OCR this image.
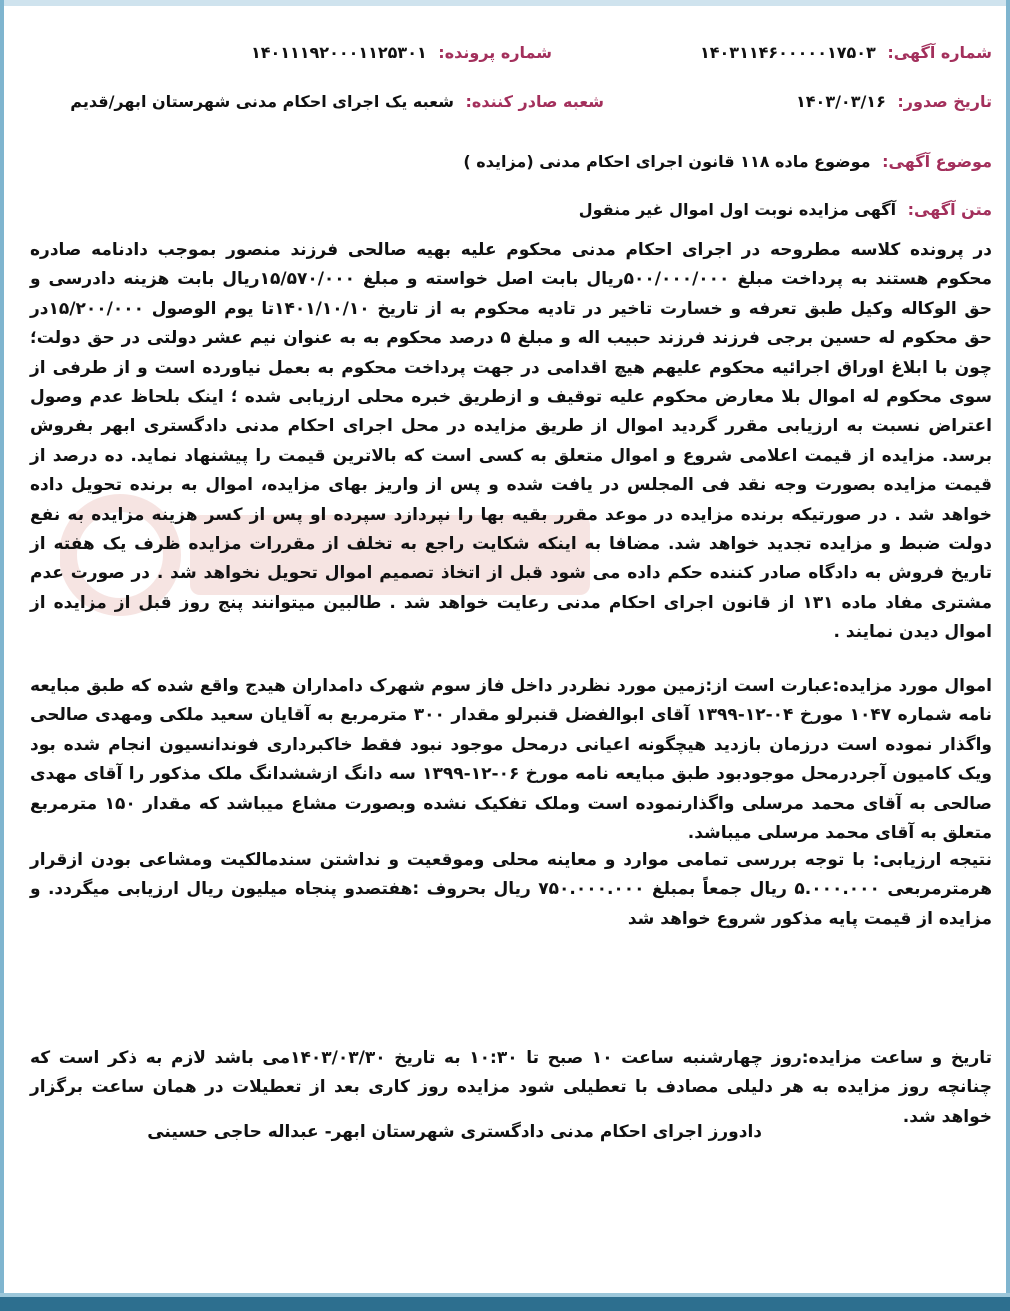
شماره آگهی: ۱۴۰۳۱۱۴۶۰۰۰۰۰۱۷۵۰۳
شماره پرونده: ۱۴۰۱۱۱۹۲۰۰۰۱۱۲۵۳۰۱
تاریخ صدور: ۱۴۰۳/۰۳/۱۶
شعبه صادر کننده: شعبه یک اجرای احکام مدنی شهرستان ابهر/قدیم
موضوع آگهی: موضوع ماده ۱۱۸ قانون اجرای احکام مدنی (مزایده )
متن آگهی: آگهی مزایده نوبت اول اموال غیر منقول
در پرونده کلاسه مطروحه در اجرای احکام مدنی محکوم علیه بهیه صالحی فرزند منصور بموجب دادنامه صادره محکوم هستند به پرداخت مبلغ ۵۰۰/۰۰۰/۰۰۰ریال بابت اصل خواسته و مبلغ ۱۵/۵۷۰/۰۰۰ریال بابت هزینه دادرسی و حق الوکاله وکیل طبق تعرفه و خسارت تاخیر در تادیه محکوم به از تاریخ ۱۴۰۱/۱۰/۱۰تا یوم الوصول ۱۵/۲۰۰/۰۰۰در حق محکوم له حسین برجی فرزند فرزند حبیب اله و مبلغ ۵ درصد محکوم به به عنوان نیم عشر دولتی در حق دولت؛چون با ابلاغ اوراق اجرائیه محکوم علیهم هیچ اقدامی در جهت پرداخت محکوم به بعمل نیاورده است و از طرفی از سوی محکوم له اموال بلا معارض محکوم علیه توقیف و ازطریق خبره محلی ارزیابی شده ؛ اینک بلحاظ عدم وصول اعتراض نسبت به ارزیابی مقرر گردید اموال از طریق مزایده در محل اجرای احکام مدنی دادگستری ابهر بفروش برسد. مزایده از قیمت اعلامی شروع و اموال متعلق به کسی است که بالاترین قیمت را پیشنهاد نماید. ده درصد از قیمت مزایده بصورت وجه نقد فی المجلس در یافت شده و پس از واریز بهای مزایده، اموال به برنده تحویل داده خواهد شد . در صورتیکه برنده مزایده در موعد مقرر بقیه بها را نپردازد سپرده او پس از کسر هزینه مزایده به نفع دولت ضبط و مزایده تجدید خواهد شد. مضافا به اینکه شکایت راجع به تخلف از مقررات مزایده ظرف یک هفته از تاریخ فروش به دادگاه صادر کننده حکم داده می شود قبل از اتخاذ تصمیم اموال تحویل نخواهد شد . در صورت عدم مشتری مفاد ماده ۱۳۱ از قانون اجرای احکام مدنی رعایت خواهد شد . طالبین میتوانند پنج روز قبل از مزایده از اموال دیدن نمایند .
اموال مورد مزایده:عبارت است از:زمین مورد نظردر داخل فاز سوم شهرک دامداران هیدج واقع شده که طبق مبایعه نامه شماره ۱۰۴۷ مورخ ۰۴-۱۲-۱۳۹۹ آقای ابوالفضل قنبرلو مقدار ۳۰۰ مترمربع به آقایان سعید ملکی ومهدی صالحی واگذار نموده است درزمان بازدید هیچگونه اعیانی درمحل موجود نبود فقط خاکبرداری فوندانسیون انجام شده بود ویک کامیون آجردرمحل موجودبود طبق مبایعه نامه مورخ ۰۶-۱۲-۱۳۹۹ سه دانگ ازششدانگ ملک مذکور را آقای مهدی صالحی به آقای محمد مرسلی واگذارنموده است وملک تفکیک نشده وبصورت مشاع میباشد که مقدار ۱۵۰ مترمربع متعلق به آقای محمد مرسلی میباشد.
نتیجه ارزیابی: با توجه بررسی تمامی موارد و معاینه محلی وموقعیت و نداشتن سندمالکیت ومشاعی بودن ازقرار هرمترمربعی ۵.۰۰۰.۰۰۰ ریال جمعاً بمبلغ ۷۵۰.۰۰۰.۰۰۰ ریال بحروف :هفتصدو پنجاه میلیون ریال ارزیابی میگردد. و مزایده از قیمت پایه مذکور شروع خواهد شد
تاریخ و ساعت مزایده:روز چهارشنبه ساعت ۱۰ صبح تا ۱۰:۳۰ به تاریخ ۱۴۰۳/۰۳/۳۰می باشد لازم به ذکر است که چنانچه روز مزایده به هر دلیلی مصادف با تعطیلی شود مزایده روز کاری بعد از تعطیلات در همان ساعت برگزار خواهد شد.
دادورز اجرای احکام مدنی دادگستری شهرستان ابهر- عبداله حاجی حسینی
